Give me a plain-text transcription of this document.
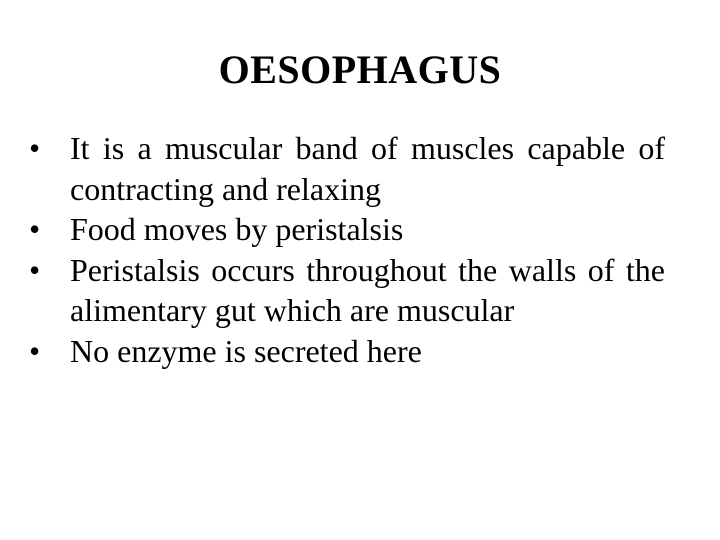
OESOPHAGUS
• It is a muscular band of muscles capable of contracting and relaxing
• Food moves by peristalsis
• Peristalsis occurs throughout the walls of the alimentary gut which are muscular
• No enzyme is secreted here
